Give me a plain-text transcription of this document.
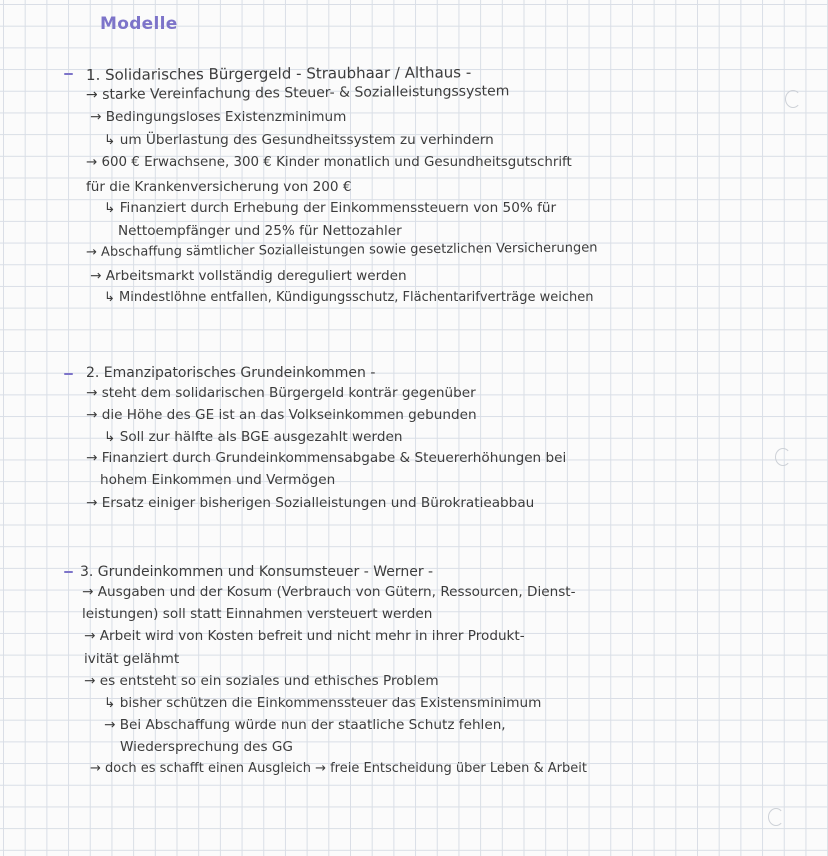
Modelle
1. Solidarisches Bürgergeld - Straubhaar / Althaus -
→ starke Vereinfachung des Steuer- & Sozialleistungssystem
→ Bedingungsloses Existenzminimum
↳ um Überlastung des Gesundheitssystem zu verhindern
→ 600 € Erwachsene, 300 € Kinder monatlich und Gesundheitsgutschrift
für die Krankenversicherung von 200 €
↳ Finanziert durch Erhebung der Einkommenssteuern von 50% für
Nettoempfänger und 25% für Nettozahler
→ Abschaffung sämtlicher Sozialleistungen sowie gesetzlichen Versicherungen
→ Arbeitsmarkt vollständig dereguliert werden
↳ Mindestlöhne entfallen, Kündigungsschutz, Flächentarifverträge weichen
2. Emanzipatorisches Grundeinkommen -
→ steht dem solidarischen Bürgergeld konträr gegenüber
→ die Höhe des GE ist an das Volkseinkommen gebunden
↳ Soll zur hälfte als BGE ausgezahlt werden
→ Finanziert durch Grundeinkommensabgabe & Steuererhöhungen bei
hohem Einkommen und Vermögen
→ Ersatz einiger bisherigen Sozialleistungen und Bürokratieabbau
3. Grundeinkommen und Konsumsteuer - Werner -
→ Ausgaben und der Kosum (Verbrauch von Gütern, Ressourcen, Dienst-
leistungen) soll statt Einnahmen versteuert werden
→ Arbeit wird von Kosten befreit und nicht mehr in ihrer Produkt-
ivität gelähmt
→ es entsteht so ein soziales und ethisches Problem
↳ bisher schützen die Einkommenssteuer das Existensminimum
→ Bei Abschaffung würde nun der staatliche Schutz fehlen,
Wiedersprechung des GG
→ doch es schafft einen Ausgleich → freie Entscheidung über Leben & Arbeit
